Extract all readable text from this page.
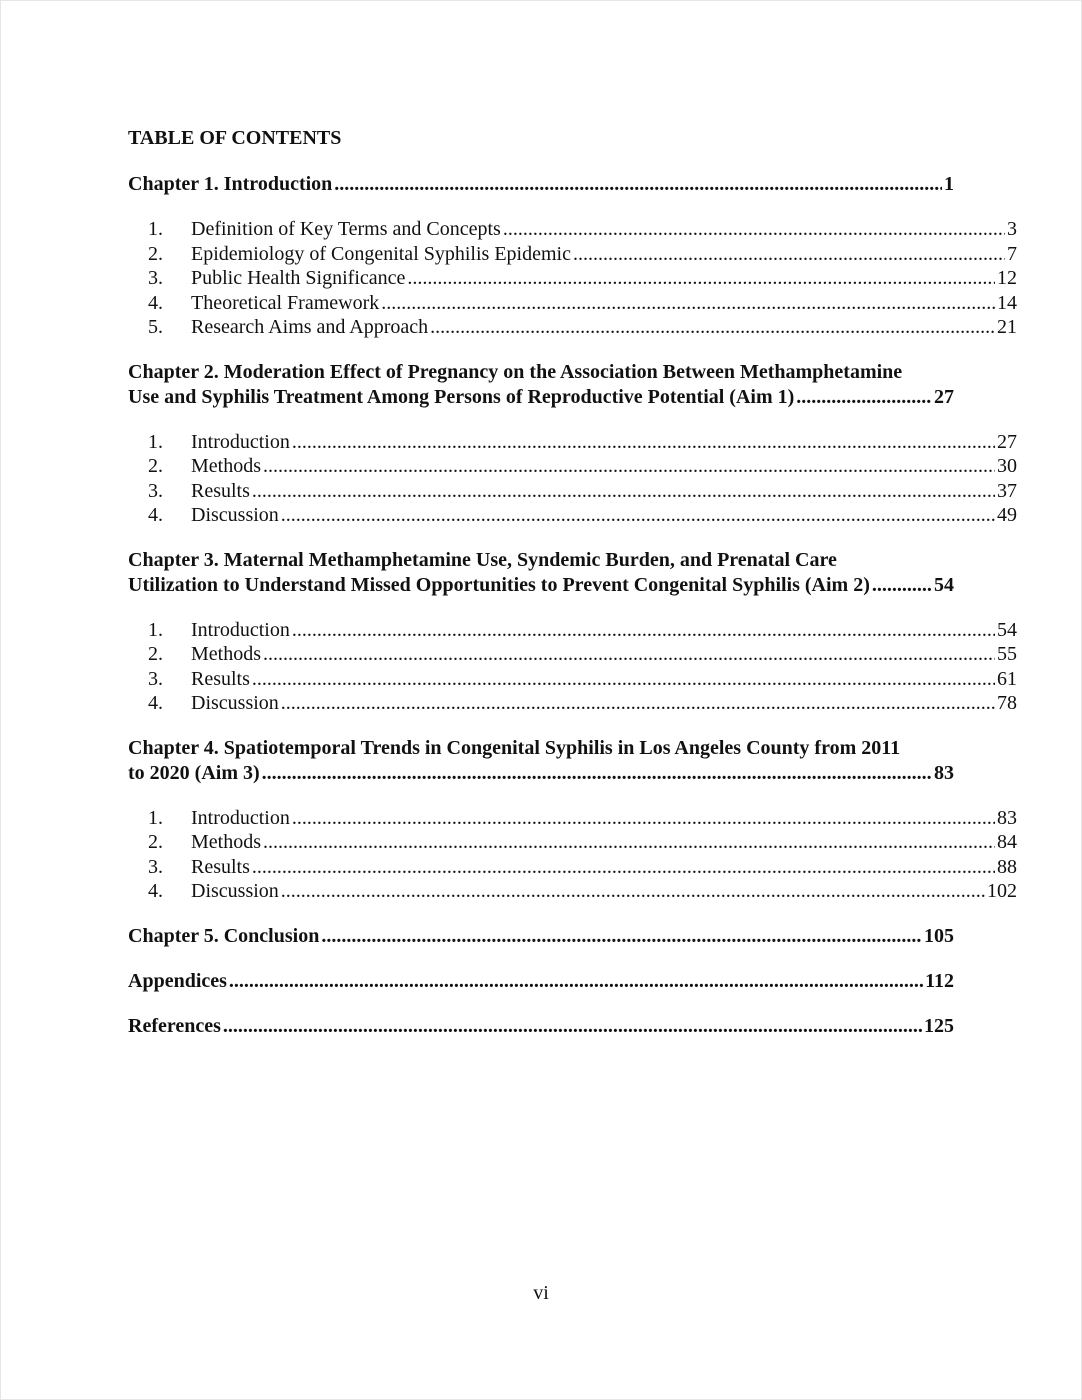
TABLE OF CONTENTS
Chapter 1. Introduction .....	1
1.	Definition of Key Terms and Concepts .....	3
2.	Epidemiology of Congenital Syphilis Epidemic .....	7
3.	Public Health Significance .....	12
4.	Theoretical Framework .....	14
5.	Research Aims and Approach .....	21
Chapter 2. Moderation Effect of Pregnancy on the Association Between Methamphetamine
Use and Syphilis Treatment Among Persons of Reproductive Potential (Aim 1) .....	27
1.	Introduction .....	27
2.	Methods .....	30
3.	Results .....	37
4.	Discussion .....	49
Chapter 3. Maternal Methamphetamine Use, Syndemic Burden, and Prenatal Care
Utilization to Understand Missed Opportunities to Prevent Congenital Syphilis (Aim 2) .....	54
1.	Introduction .....	54
2.	Methods .....	55
3.	Results .....	61
4.	Discussion .....	78
Chapter 4. Spatiotemporal Trends in Congenital Syphilis in Los Angeles County from 2011
to 2020 (Aim 3) .....	83
1.	Introduction .....	83
2.	Methods .....	84
3.	Results .....	88
4.	Discussion .....	102
Chapter 5. Conclusion .....	105
Appendices .....	112
References .....	125
vi
